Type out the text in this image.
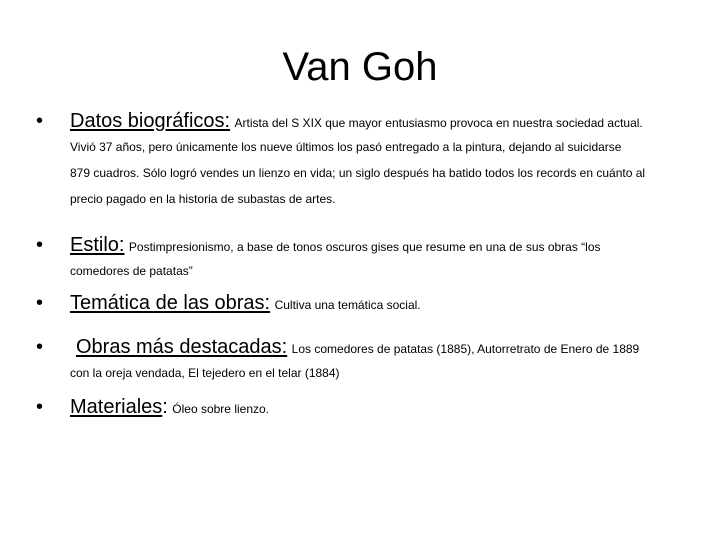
Van Goh
• Datos biográficos: Artista del S XIX que mayor entusiasmo provoca en nuestra sociedad actual.
Vivió 37 años, pero únicamente los nueve últimos los pasó entregado a la pintura, dejando al suicidarse
879 cuadros. Sólo logró vendes un lienzo en vida; un siglo después ha batido todos los records en cuánto al
precio pagado en la historia de subastas de artes.
• Estilo: Postimpresionismo, a base de tonos oscuros gises que resume en una de sus obras “los
comedores de patatas”
• Temática de las obras: Cultiva una temática social.
• Obras más destacadas: Los comedores de patatas (1885), Autorretrato de Enero de 1889
con la oreja vendada, El tejedero en el telar (1884)
• Materiales: Óleo sobre lienzo.
